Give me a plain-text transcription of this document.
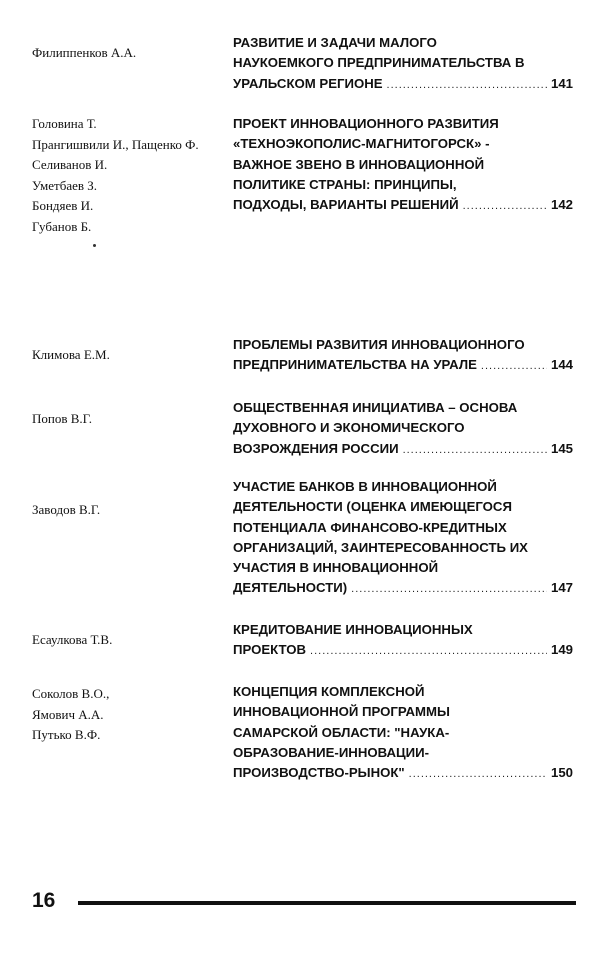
Филиппенков А.А.
РАЗВИТИЕ И ЗАДАЧИ МАЛОГО
НАУКОЕМКОГО ПРЕДПРИНИМАТЕЛЬСТВА В
УРАЛЬСКОМ РЕГИОНЕ .....	141
Головина Т.
Прангишвили И., Пащенко Ф.
Селиванов И.
Уметбаев З.
Бондяев И.
Губанов Б.
ПРОЕКТ ИННОВАЦИОННОГО РАЗВИТИЯ
«ТЕХНОЭКОПОЛИС-МАГНИТОГОРСК» -
ВАЖНОЕ ЗВЕНО В ИННОВАЦИОННОЙ
ПОЛИТИКЕ СТРАНЫ: ПРИНЦИПЫ,
ПОДХОДЫ, ВАРИАНТЫ РЕШЕНИЙ .....	142
Климова Е.М.
ПРОБЛЕМЫ РАЗВИТИЯ ИННОВАЦИОННОГО
ПРЕДПРИНИМАТЕЛЬСТВА НА УРАЛЕ .....	144
Попов В.Г.
ОБЩЕСТВЕННАЯ ИНИЦИАТИВА – ОСНОВА
ДУХОВНОГО И ЭКОНОМИЧЕСКОГО
ВОЗРОЖДЕНИЯ РОССИИ .....	145
Заводов В.Г.
УЧАСТИЕ БАНКОВ В ИННОВАЦИОННОЙ
ДЕЯТЕЛЬНОСТИ (ОЦЕНКА ИМЕЮЩЕГОСЯ
ПОТЕНЦИАЛА ФИНАНСОВО-КРЕДИТНЫХ
ОРГАНИЗАЦИЙ, ЗАИНТЕРЕСОВАННОСТЬ ИХ
УЧАСТИЯ В ИННОВАЦИОННОЙ
ДЕЯТЕЛЬНОСТИ) .....	147
Есаулкова Т.В.
КРЕДИТОВАНИЕ ИННОВАЦИОННЫХ
ПРОЕКТОВ .....	149
Соколов В.О.,
Ямович А.А.
Путько В.Ф.
КОНЦЕПЦИЯ КОМПЛЕКСНОЙ
ИННОВАЦИОННОЙ ПРОГРАММЫ
САМАРСКОЙ ОБЛАСТИ: "НАУКА-
ОБРАЗОВАНИЕ-ИННОВАЦИИ-
ПРОИЗВОДСТВО-РЫНОК" .....	150
16
